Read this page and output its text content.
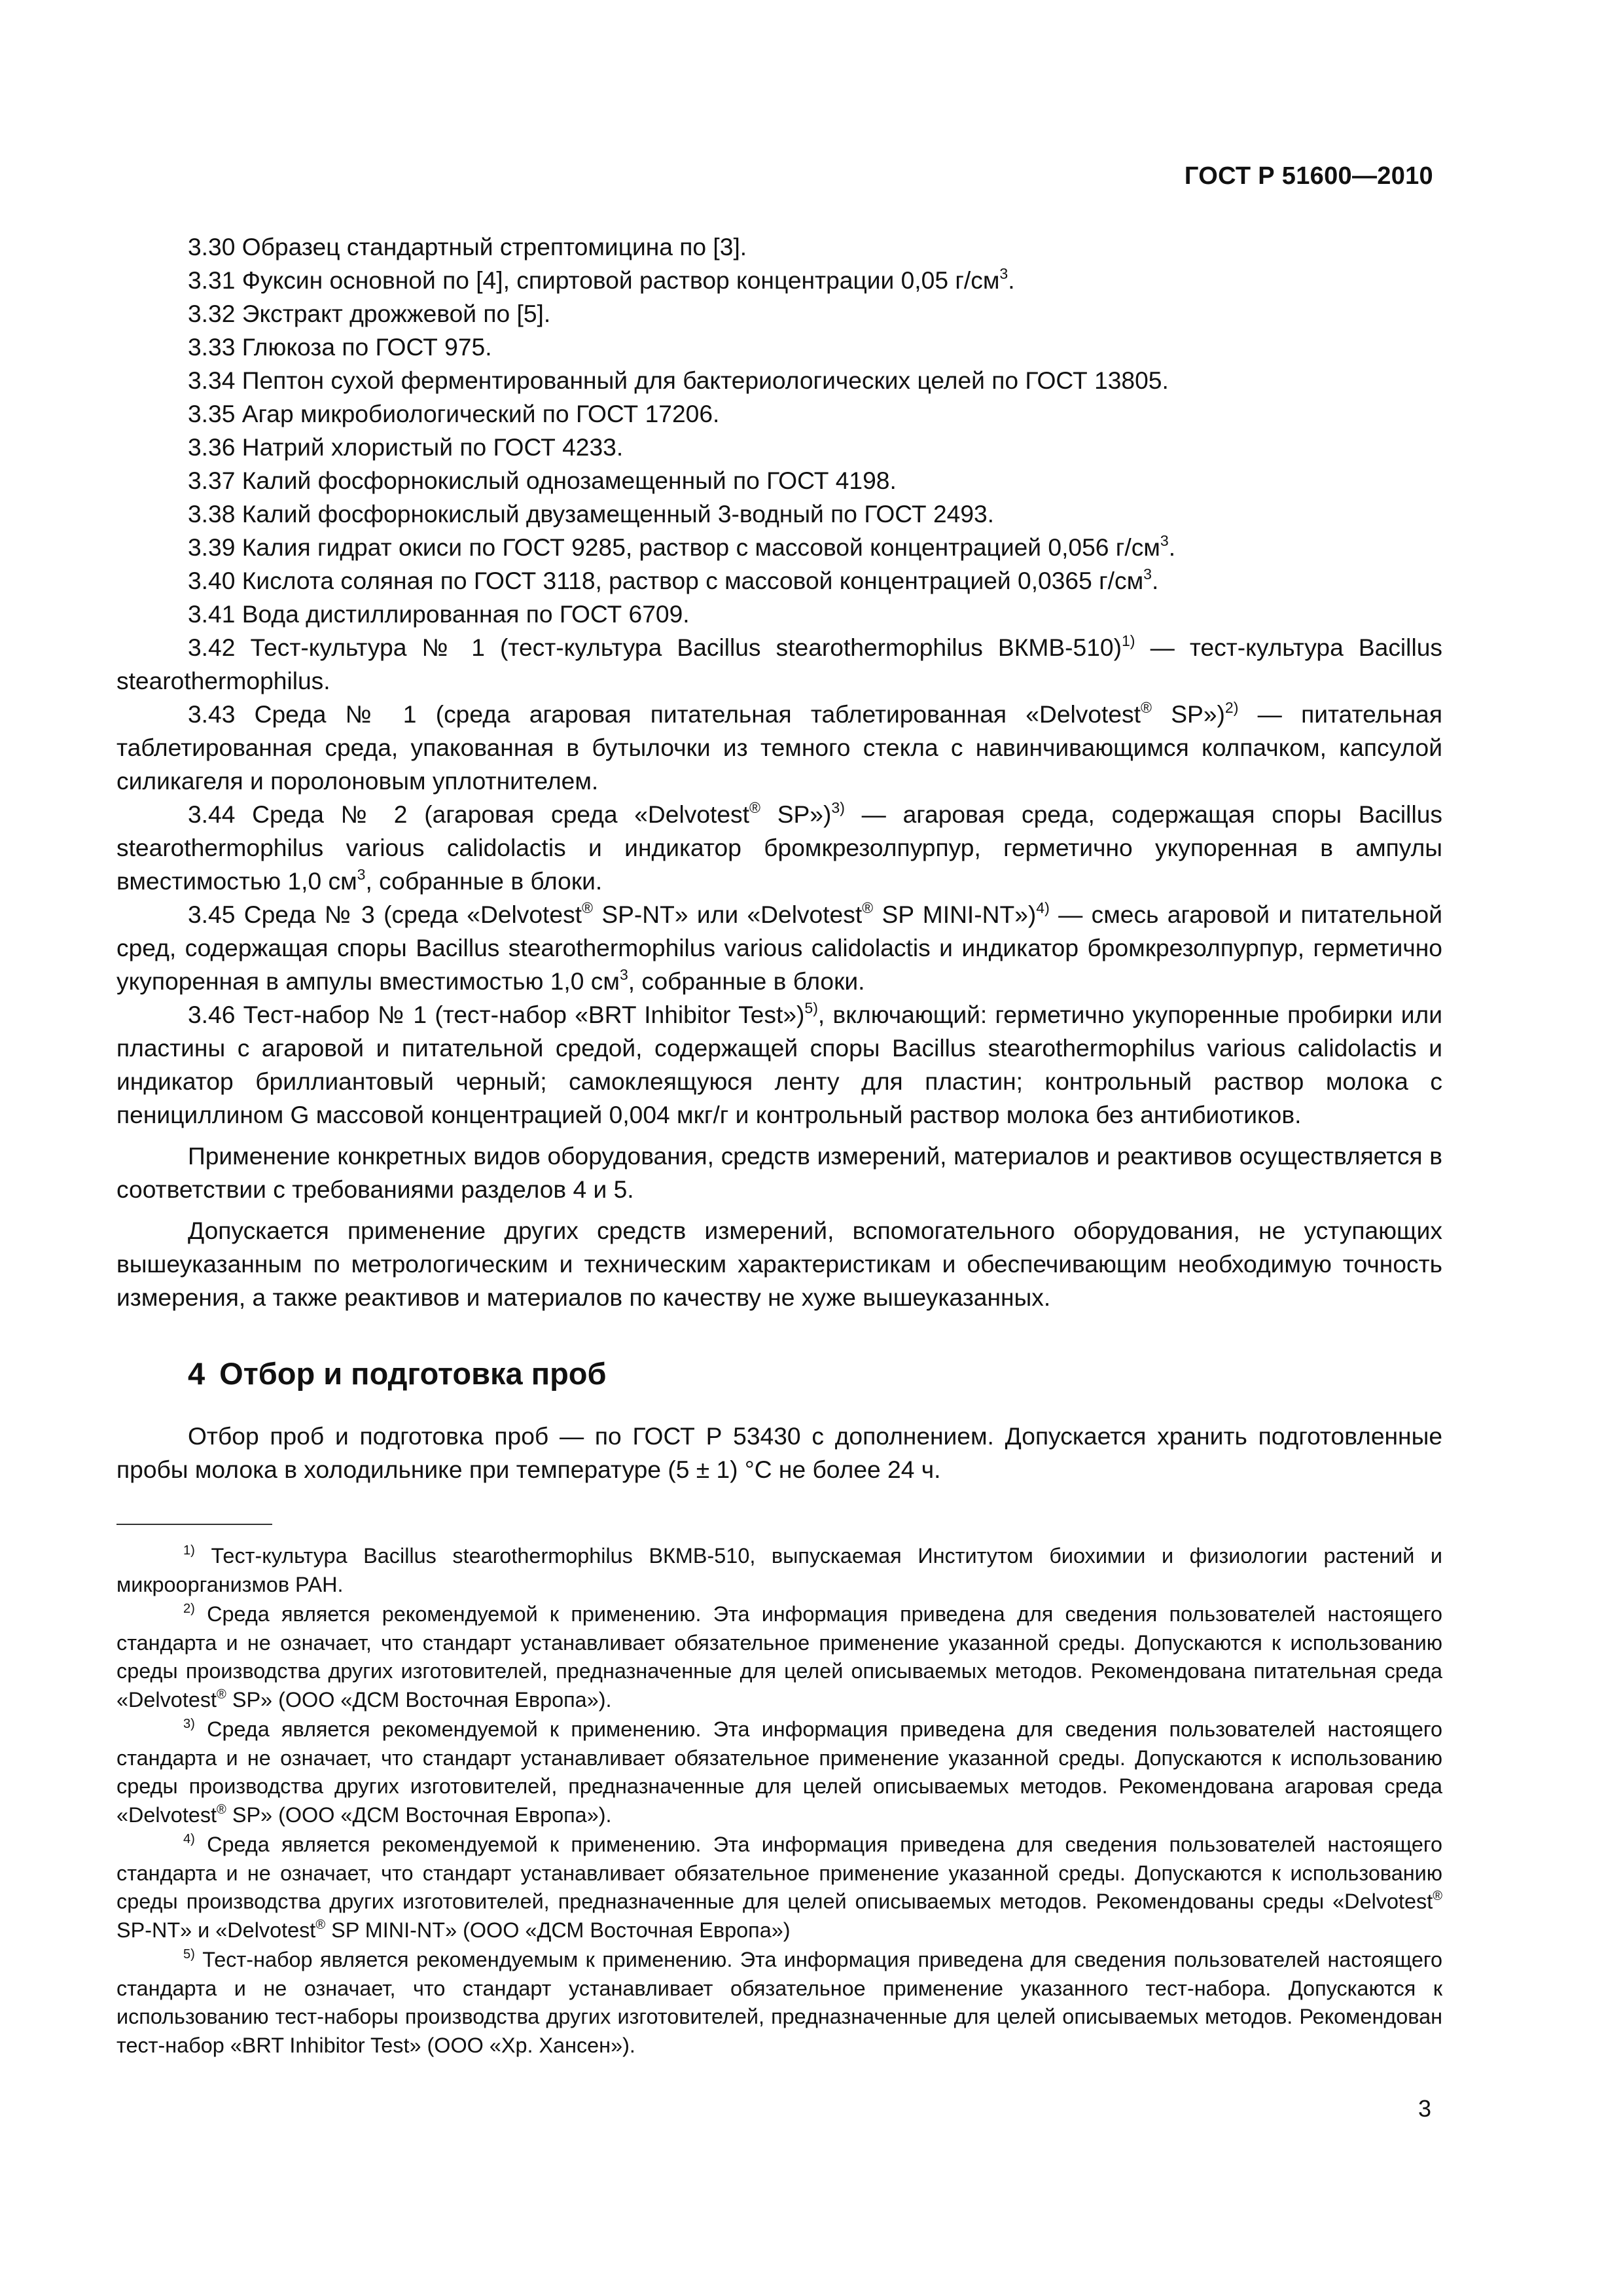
ГОСТ Р 51600—2010

3.30 Образец стандартный стрептомицина по [3].

3.31 Фуксин основной по [4], спиртовой раствор концентрации 0,05 $г/см^3$.

3.32 Экстракт дрожжевой по [5].

3.33 Глюкоза по ГОСТ 975.

3.34 Пептон сухой ферментированный для бактериологических целей по ГОСТ 13805.

3.35 Агар микробиологический по ГОСТ 17206.

3.36 Натрий хлористый по ГОСТ 4233.

3.37 Калий фосфорнокислый однозамещенный по ГОСТ 4198.

3.38 Калий фосфорнокислый двузамещенный 3-водный по ГОСТ 2493.

3.39 Калия гидрат окиси по ГОСТ 9285, раствор с массовой концентрацией 0,056 $г/см^3$.

3.40 Кислота соляная по ГОСТ 3118, раствор с массовой концентрацией 0,0365 $г/см^3$.

3.41 Вода дистиллированная по ГОСТ 6709.

3.42 Тест-культура № 1 (тест-культура Bacillus stearothermophilus ВКМВ-510)$^{1)}$ — тест-культура Bacillus stearothermophilus.

3.43 Среда № 1 (среда агаровая питательная таблетированная «Delvotest® SP»)$^{2)}$ — питательная таблетированная среда, упакованная в бутылочки из темного стекла с навинчивающимся колпачком, капсулой силикагеля и поролоновым уплотнителем.

3.44 Среда № 2 (агаровая среда «Delvotest® SP»)$^{3)}$ — агаровая среда, содержащая споры Bacillus stearothermophilus various calidolactis и индикатор бромкрезолпурпур, герметично укупоренная в ампулы вместимостью 1,0 $см^3$, собранные в блоки.

3.45 Среда № 3 (среда «Delvotest® SP-NT» или «Delvotest® SP MINI-NT»)$^{4)}$ — смесь агаровой и питательной сред, содержащая споры Bacillus stearothermophilus various calidolactis и индикатор бромкрезолпурпур, герметично укупоренная в ампулы вместимостью 1,0 $см^3$, собранные в блоки.

3.46 Тест-набор № 1 (тест-набор «BRT Inhibitor Test»)$^{5)}$, включающий: герметично укупоренные пробирки или пластины с агаровой и питательной средой, содержащей споры Bacillus stearothermophilus various calidolactis и индикатор бриллиантовый черный; самоклеящуюся ленту для пластин; контрольный раствор молока с пенициллином G массовой концентрацией 0,004 мкг/г и контрольный раствор молока без антибиотиков.

Применение конкретных видов оборудования, средств измерений, материалов и реактивов осуществляется в соответствии с требованиями разделов 4 и 5.

Допускается применение других средств измерений, вспомогательного оборудования, не уступающих вышеуказанным по метрологическим и техническим характеристикам и обеспечивающим необходимую точность измерения, а также реактивов и материалов по качеству не хуже вышеуказанных.

4 Отбор и подготовка проб

Отбор проб и подготовка проб — по ГОСТ Р 53430 с дополнением. Допускается хранить подготовленные пробы молока в холодильнике при температуре (5 ± 1) °С не более 24 ч.

$^{1)}$ Тест-культура Bacillus stearothermophilus ВКМВ-510, выпускаемая Институтом биохимии и физиологии растений и микроорганизмов РАН.

$^{2)}$ Среда является рекомендуемой к применению. Эта информация приведена для сведения пользователей настоящего стандарта и не означает, что стандарт устанавливает обязательное применение указанной среды. Допускаются к использованию среды производства других изготовителей, предназначенные для целей описываемых методов. Рекомендована питательная среда «Delvotest® SP» (ООО «ДСМ Восточная Европа»).

$^{3)}$ Среда является рекомендуемой к применению. Эта информация приведена для сведения пользователей настоящего стандарта и не означает, что стандарт устанавливает обязательное применение указанной среды. Допускаются к использованию среды производства других изготовителей, предназначенные для целей описываемых методов. Рекомендована агаровая среда «Delvotest® SP» (ООО «ДСМ Восточная Европа»).

$^{4)}$ Среда является рекомендуемой к применению. Эта информация приведена для сведения пользователей настоящего стандарта и не означает, что стандарт устанавливает обязательное применение указанной среды. Допускаются к использованию среды производства других изготовителей, предназначенные для целей описываемых методов. Рекомендованы среды «Delvotest® SP-NT» и «Delvotest® SP MINI-NT» (ООО «ДСМ Восточная Европа»)

$^{5)}$ Тест-набор является рекомендуемым к применению. Эта информация приведена для сведения пользователей настоящего стандарта и не означает, что стандарт устанавливает обязательное применение указанного тест-набора. Допускаются к использованию тест-наборы производства других изготовителей, предназначенные для целей описываемых методов. Рекомендован тест-набор «BRT Inhibitor Test» (ООО «Хр. Хансен»).

3
